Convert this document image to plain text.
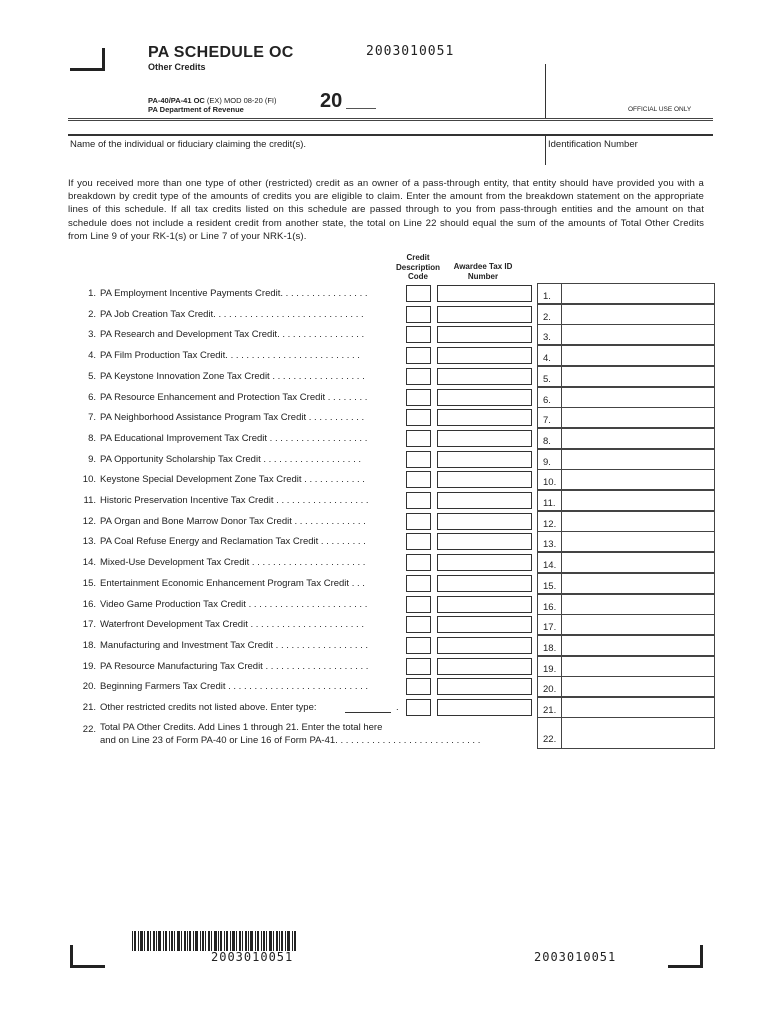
PA SCHEDULE OC
Other Credits
2003010051
PA-40/PA-41 OC (EX) MOD 08-20 (FI)
PA Department of Revenue	20	OFFICIAL USE ONLY
Name of the individual or fiduciary claiming the credit(s).	Identification Number
If you received more than one type of other (restricted) credit as an owner of a pass-through entity, that entity should have provided you with a breakdown by credit type of the amounts of credits you are eligible to claim. Enter the amount from the breakdown statement on the appropriate lines of this schedule. If all tax credits listed on this schedule are passed through to you from pass-through entities and the amount on that schedule does not include a resident credit from another state, the total on Line 22 should equal the sum of the amounts of Total Other Credits from Line 9 of your RK-1(s) or Line 7 of your NRK-1(s).
Credit Description Code
Awardee Tax ID Number
1. PA Employment Incentive Payments Credit. . . . . . . . . . . . . . . . .	1.
2. PA Job Creation Tax Credit. . . . . . . . . . . . . . . . . . . . . . . . . . . . .	2.
3. PA Research and Development Tax Credit. . . . . . . . . . . . . . . . .	3.
4. PA Film Production Tax Credit. . . . . . . . . . . . . . . . . . . . . . . . . .	4.
5. PA Keystone Innovation Zone Tax Credit . . . . . . . . . . . . . . . . . .	5.
6. PA Resource Enhancement and Protection Tax Credit . . . . . . . .	6.
7. PA Neighborhood Assistance Program Tax Credit . . . . . . . . . . .	7.
8. PA Educational Improvement Tax Credit . . . . . . . . . . . . . . . . . . .	8.
9. PA Opportunity Scholarship Tax Credit . . . . . . . . . . . . . . . . . . .	9.
10. Keystone Special Development Zone Tax Credit . . . . . . . . . . . .	10.
11. Historic Preservation Incentive Tax Credit . . . . . . . . . . . . . . . . . .	11.
12. PA Organ and Bone Marrow Donor Tax Credit . . . . . . . . . . . . . .	12.
13. PA Coal Refuse Energy and Reclamation Tax Credit . . . . . . . . .	13.
14. Mixed-Use Development Tax Credit . . . . . . . . . . . . . . . . . . . . . .	14.
15. Entertainment Economic Enhancement Program Tax Credit . . .	15.
16. Video Game Production Tax Credit . . . . . . . . . . . . . . . . . . . . . . .	16.
17. Waterfront Development Tax Credit . . . . . . . . . . . . . . . . . . . . . .	17.
18. Manufacturing and Investment Tax Credit . . . . . . . . . . . . . . . . . .	18.
19. PA Resource Manufacturing Tax Credit . . . . . . . . . . . . . . . . . . . .	19.
20. Beginning Farmers Tax Credit . . . . . . . . . . . . . . . . . . . . . . . . . . .	20.
21. Other restricted credits not listed above. Enter type:	.	21.
22. Total PA Other Credits. Add Lines 1 through 21. Enter the total here
and on Line 23 of Form PA-40 or Line 16 of Form PA-41. . . . . . . . . . . . . . . . . . . . . . . . . . . .	22.
2003010051	2003010051
